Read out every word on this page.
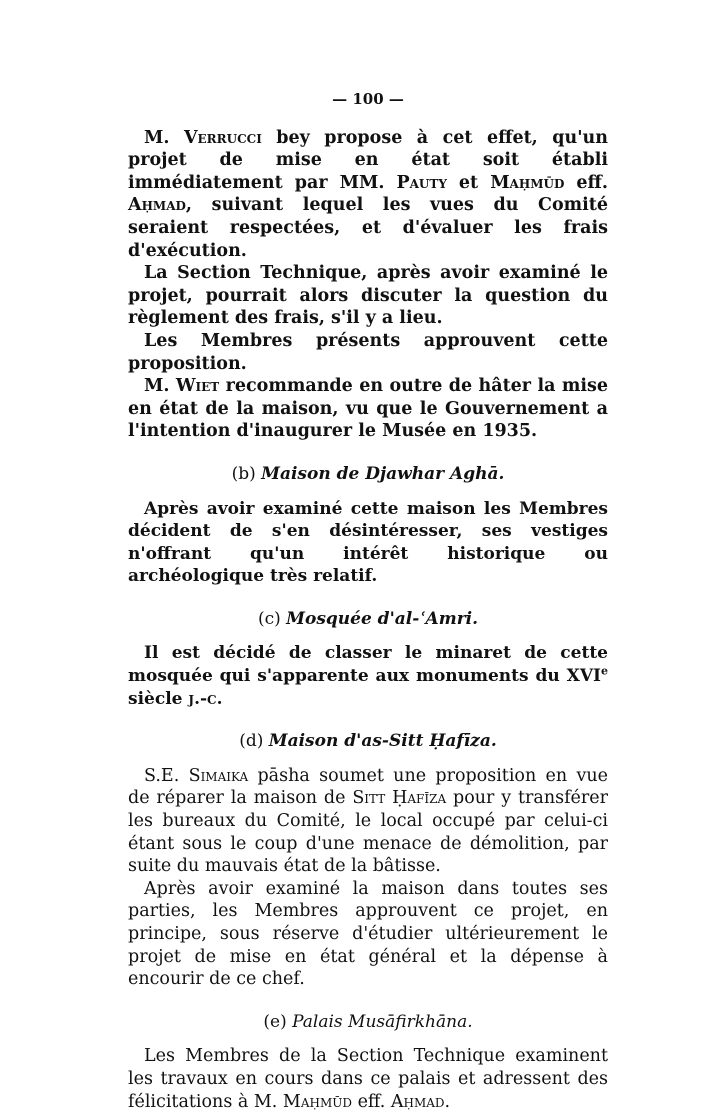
— 100 —

M. Verrucci bey propose à cet effet, qu'un projet de mise en état soit établi immédiatement par MM. Pauty et Maḥmūd eff. Aḥmad, suivant lequel les vues du Comité seraient respectées, et d'évaluer les frais d'exécution.

La Section Technique, après avoir examiné le projet, pourrait alors discuter la question du règlement des frais, s'il y a lieu.

Les Membres présents approuvent cette proposition.

M. Wiet recommande en outre de hâter la mise en état de la maison, vu que le Gouvernement a l'intention d'inaugurer le Musée en 1935.

(b) Maison de Djawhar Aghā.

Après avoir examiné cette maison les Membres décident de s'en désintéresser, ses vestiges n'offrant qu'un intérêt historique ou archéologique très relatif.

(c) Mosquée d'al-ʿAmri.

Il est décidé de classer le minaret de cette mosquée qui s'apparente aux monuments du XVIe siècle j.-c.

(d) Maison d'as-Sitt Ḥafīza.

S.E. Simaika pāsha soumet une proposition en vue de réparer la maison de Sitt Ḥafīza pour y transférer les bureaux du Comité, le local occupé par celui-ci étant sous le coup d'une menace de démolition, par suite du mauvais état de la bâtisse.

Après avoir examiné la maison dans toutes ses parties, les Membres approuvent ce projet, en principe, sous réserve d'étudier ultérieurement le projet de mise en état général et la dépense à encourir de ce chef.

(e) Palais Musāfirkhāna.

Les Membres de la Section Technique examinent les travaux en cours dans ce palais et adressent des félicitations à M. Maḥmūd eff. Aḥmad.
